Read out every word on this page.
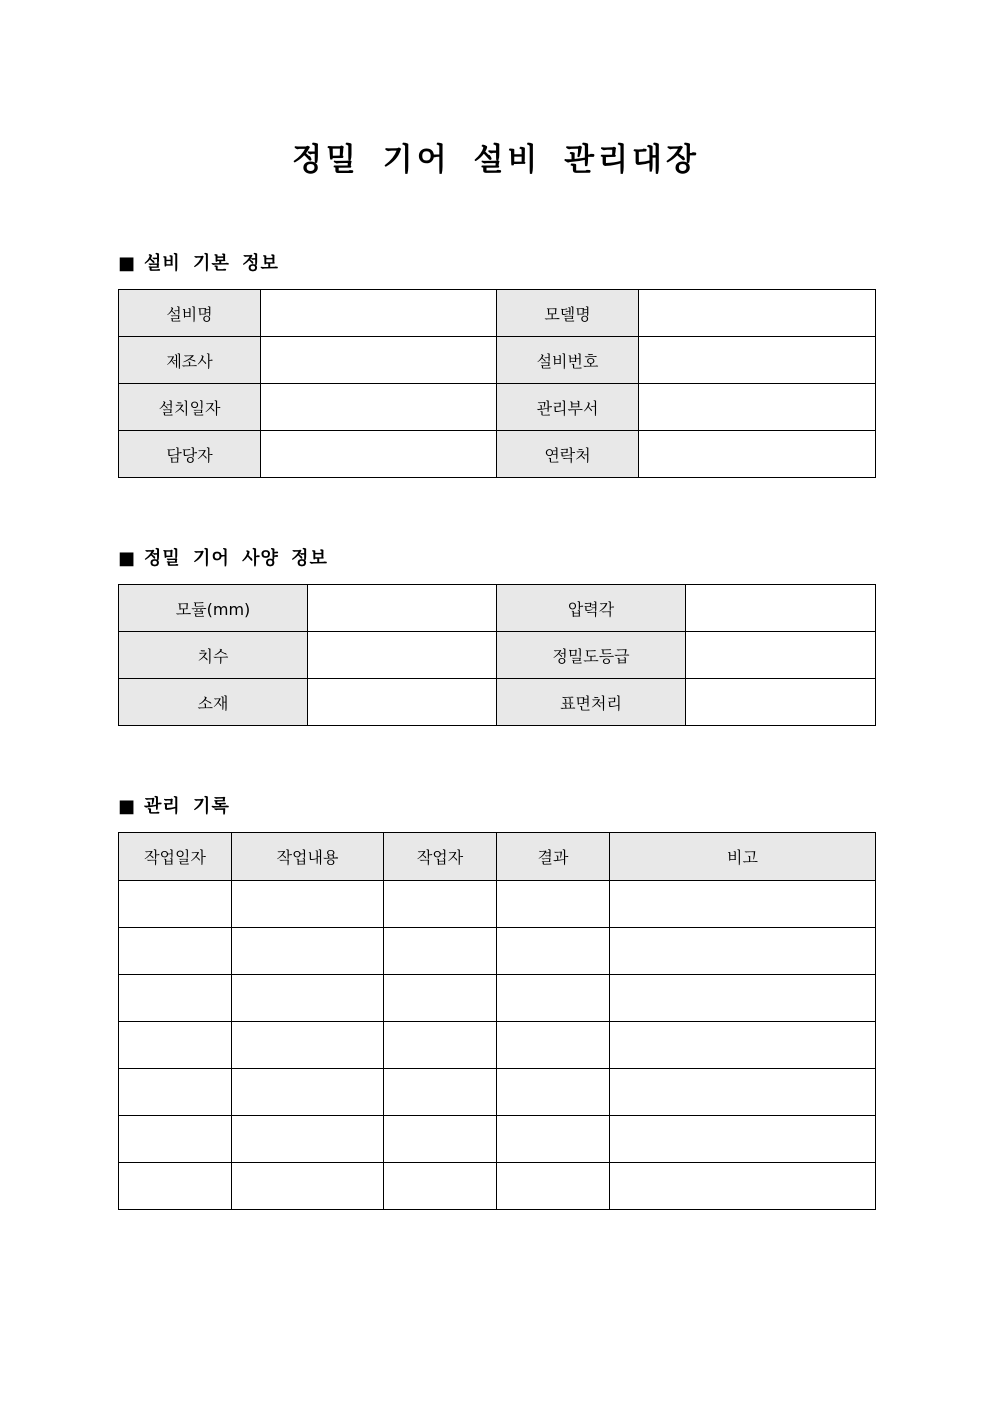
정밀 기어 설비 관리대장
■ 설비 기본 정보
설비명		모델명	
제조사		설비번호	
설치일자		관리부서	
담당자		연락처	
■ 정밀 기어 사양 정보
모듈(mm)		압력각	
치수		정밀도등급	
소재		표면처리	
■ 관리 기록
작업일자	작업내용	작업자	결과	비고
